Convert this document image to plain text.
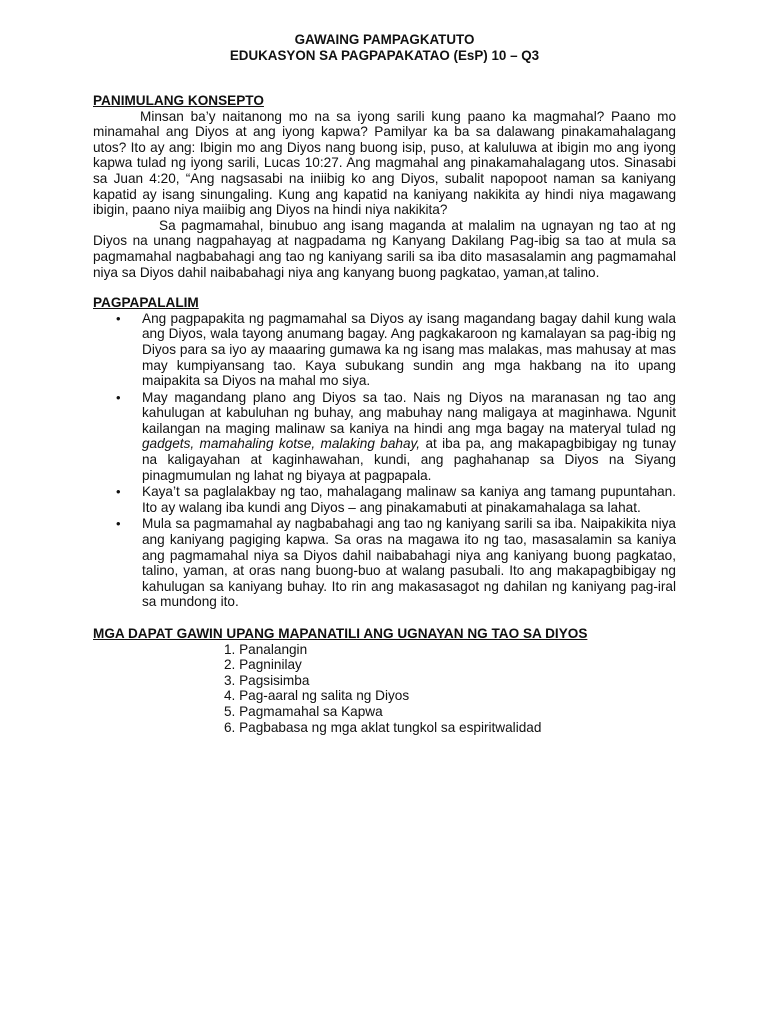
GAWAING PAMPAGKATUTO

EDUKASYON SA PAGPAPAKATAO (EsP) 10 – Q3

PANIMULANG KONSEPTO

Minsan ba’y naitanong mo na sa iyong sarili kung paano ka magmahal? Paano mo minamahal ang Diyos at ang iyong kapwa? Pamilyar ka ba sa dalawang pinakamahalagang utos? Ito ay ang: Ibigin mo ang Diyos nang buong isip, puso, at kaluluwa at ibigin mo ang iyong kapwa tulad ng iyong sarili, Lucas 10:27. Ang magmahal ang pinakamahalagang utos. Sinasabi sa Juan 4:20, “Ang nagsasabi na iniibig ko ang Diyos, subalit napopoot naman sa kaniyang kapatid ay isang sinungaling. Kung ang kapatid na kaniyang nakikita ay hindi niya magawang ibigin, paano niya maiibig ang Diyos na hindi niya nakikita?

Sa pagmamahal, binubuo ang isang maganda at malalim na ugnayan ng tao at ng Diyos na unang nagpahayag at nagpadama ng Kanyang Dakilang Pag-ibig sa tao at mula sa pagmamahal nagbabahagi ang tao ng kaniyang sarili sa iba dito masasalamin ang pagmamahal niya sa Diyos dahil naibabahagi niya ang kanyang buong pagkatao, yaman,at talino.

PAGPAPALALIM

• Ang pagpapakita ng pagmamahal sa Diyos ay isang magandang bagay dahil kung wala ang Diyos, wala tayong anumang bagay. Ang pagkakaroon ng kamalayan sa pag-ibig ng Diyos para sa iyo ay maaaring gumawa ka ng isang mas malakas, mas mahusay at mas may kumpiyansang tao. Kaya subukang sundin ang mga hakbang na ito upang maipakita sa Diyos na mahal mo siya.
• May magandang plano ang Diyos sa tao. Nais ng Diyos na maranasan ng tao ang kahulugan at kabuluhan ng buhay, ang mabuhay nang maligaya at maginhawa. Ngunit kailangan na maging malinaw sa kaniya na hindi ang mga bagay na materyal tulad ng gadgets, mamahaling kotse, malaking bahay, at iba pa, ang makapagbibigay ng tunay na kaligayahan at kaginhawahan, kundi, ang paghahanap sa Diyos na Siyang pinagmumulan ng lahat ng biyaya at pagpapala.
• Kaya’t sa paglalakbay ng tao, mahalagang malinaw sa kaniya ang tamang pupuntahan. Ito ay walang iba kundi ang Diyos – ang pinakamabuti at pinakamahalaga sa lahat.
• Mula sa pagmamahal ay nagbabahagi ang tao ng kaniyang sarili sa iba. Naipakikita niya ang kaniyang pagiging kapwa. Sa oras na magawa ito ng tao, masasalamin sa kaniya ang pagmamahal niya sa Diyos dahil naibabahagi niya ang kaniyang buong pagkatao, talino, yaman, at oras nang buong-buo at walang pasubali. Ito ang makapagbibigay ng kahulugan sa kaniyang buhay. Ito rin ang makasasagot ng dahilan ng kaniyang pag-iral sa mundong ito.

MGA DAPAT GAWIN UPANG MAPANATILI ANG UGNAYAN NG TAO SA DIYOS

1. Panalangin
2. Pagninilay
3. Pagsisimba
4. Pag-aaral ng salita ng Diyos
5. Pagmamahal sa Kapwa
6. Pagbabasa ng mga aklat tungkol sa espiritwalidad
